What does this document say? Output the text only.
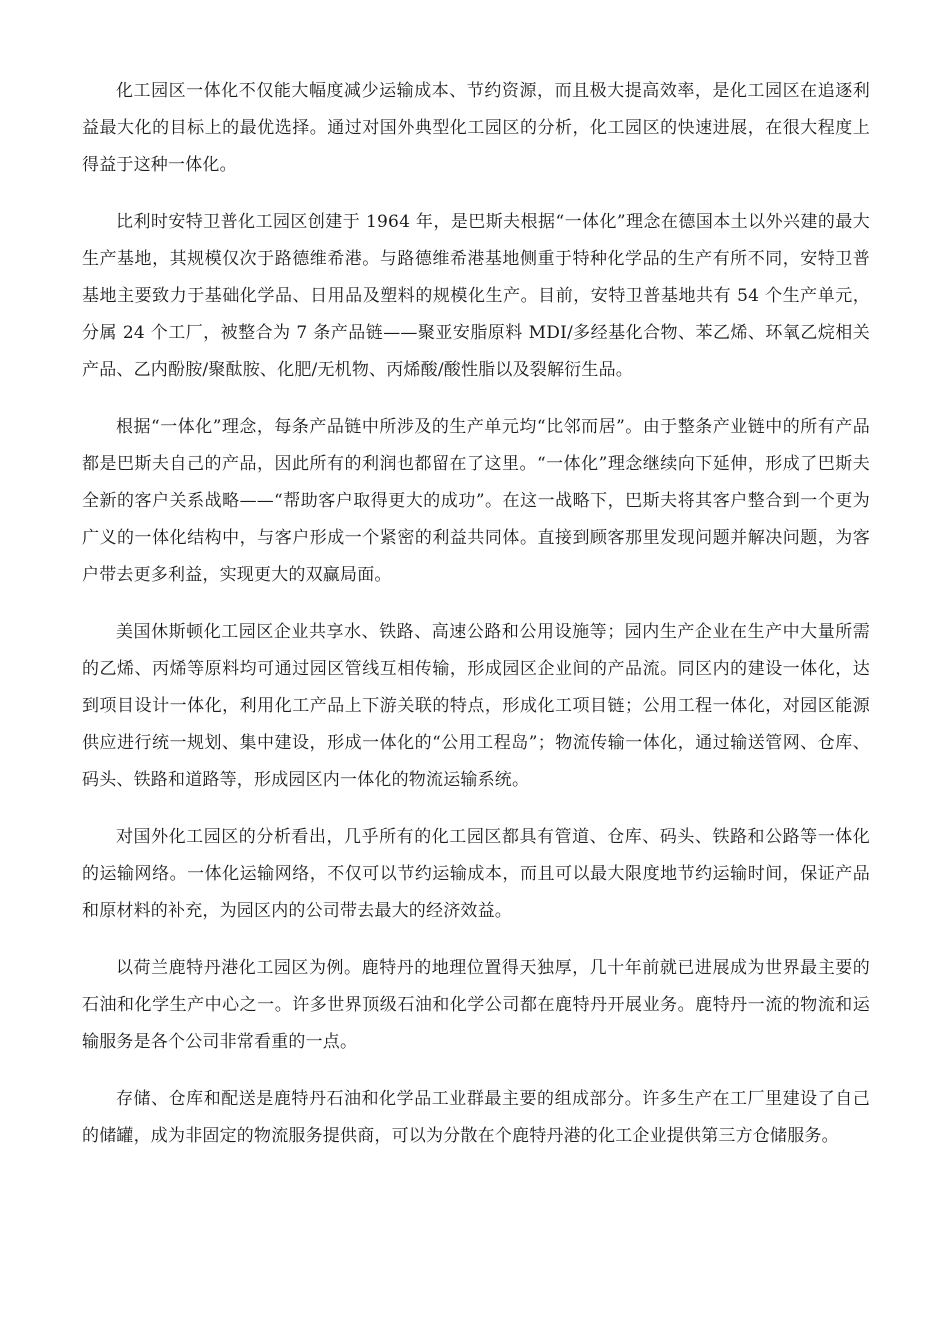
化工园区一体化不仅能大幅度减少运输成本、节约资源，而且极大提高效率，是化工园区在追逐利益最大化的目标上的最优选择。通过对国外典型化工园区的分析，化工园区的快速进展，在很大程度上得益于这种一体化。

比利时安特卫普化工园区创建于 1964 年，是巴斯夫根据“一体化”理念在德国本土以外兴建的最大生产基地，其规模仅次于路德维希港。与路德维希港基地侧重于特种化学品的生产有所不同，安特卫普基地主要致力于基础化学品、日用品及塑料的规模化生产。目前，安特卫普基地共有 54 个生产单元，分属 24 个工厂，被整合为 7 条产品链——聚亚安脂原料 MDI/多经基化合物、苯乙烯、环氧乙烷相关产品、乙内酚胺/聚酞胺、化肥/无机物、丙烯酸/酸性脂以及裂解衍生品。

根据“一体化”理念，每条产品链中所涉及的生产单元均“比邻而居”。由于整条产业链中的所有产品都是巴斯夫自己的产品，因此所有的利润也都留在了这里。“一体化”理念继续向下延伸，形成了巴斯夫全新的客户关系战略——“帮助客户取得更大的成功”。在这一战略下，巴斯夫将其客户整合到一个更为广义的一体化结构中，与客户形成一个紧密的利益共同体。直接到顾客那里发现问题并解决问题，为客户带去更多利益，实现更大的双赢局面。

美国休斯顿化工园区企业共享水、铁路、高速公路和公用设施等；园内生产企业在生产中大量所需的乙烯、丙烯等原料均可通过园区管线互相传输，形成园区企业间的产品流。同区内的建设一体化，达到项目设计一体化，利用化工产品上下游关联的特点，形成化工项目链；公用工程一体化，对园区能源供应进行统一规划、集中建设，形成一体化的“公用工程岛”；物流传输一体化，通过输送管网、仓库、码头、铁路和道路等，形成园区内一体化的物流运输系统。

对国外化工园区的分析看出，几乎所有的化工园区都具有管道、仓库、码头、铁路和公路等一体化的运输网络。一体化运输网络，不仅可以节约运输成本，而且可以最大限度地节约运输时间，保证产品和原材料的补充，为园区内的公司带去最大的经济效益。

以荷兰鹿特丹港化工园区为例。鹿特丹的地理位置得天独厚，几十年前就已进展成为世界最主要的石油和化学生产中心之一。许多世界顶级石油和化学公司都在鹿特丹开展业务。鹿特丹一流的物流和运输服务是各个公司非常看重的一点。

存储、仓库和配送是鹿特丹石油和化学品工业群最主要的组成部分。许多生产在工厂里建设了自己的储罐，成为非固定的物流服务提供商，可以为分散在个鹿特丹港的化工企业提供第三方仓储服务。
